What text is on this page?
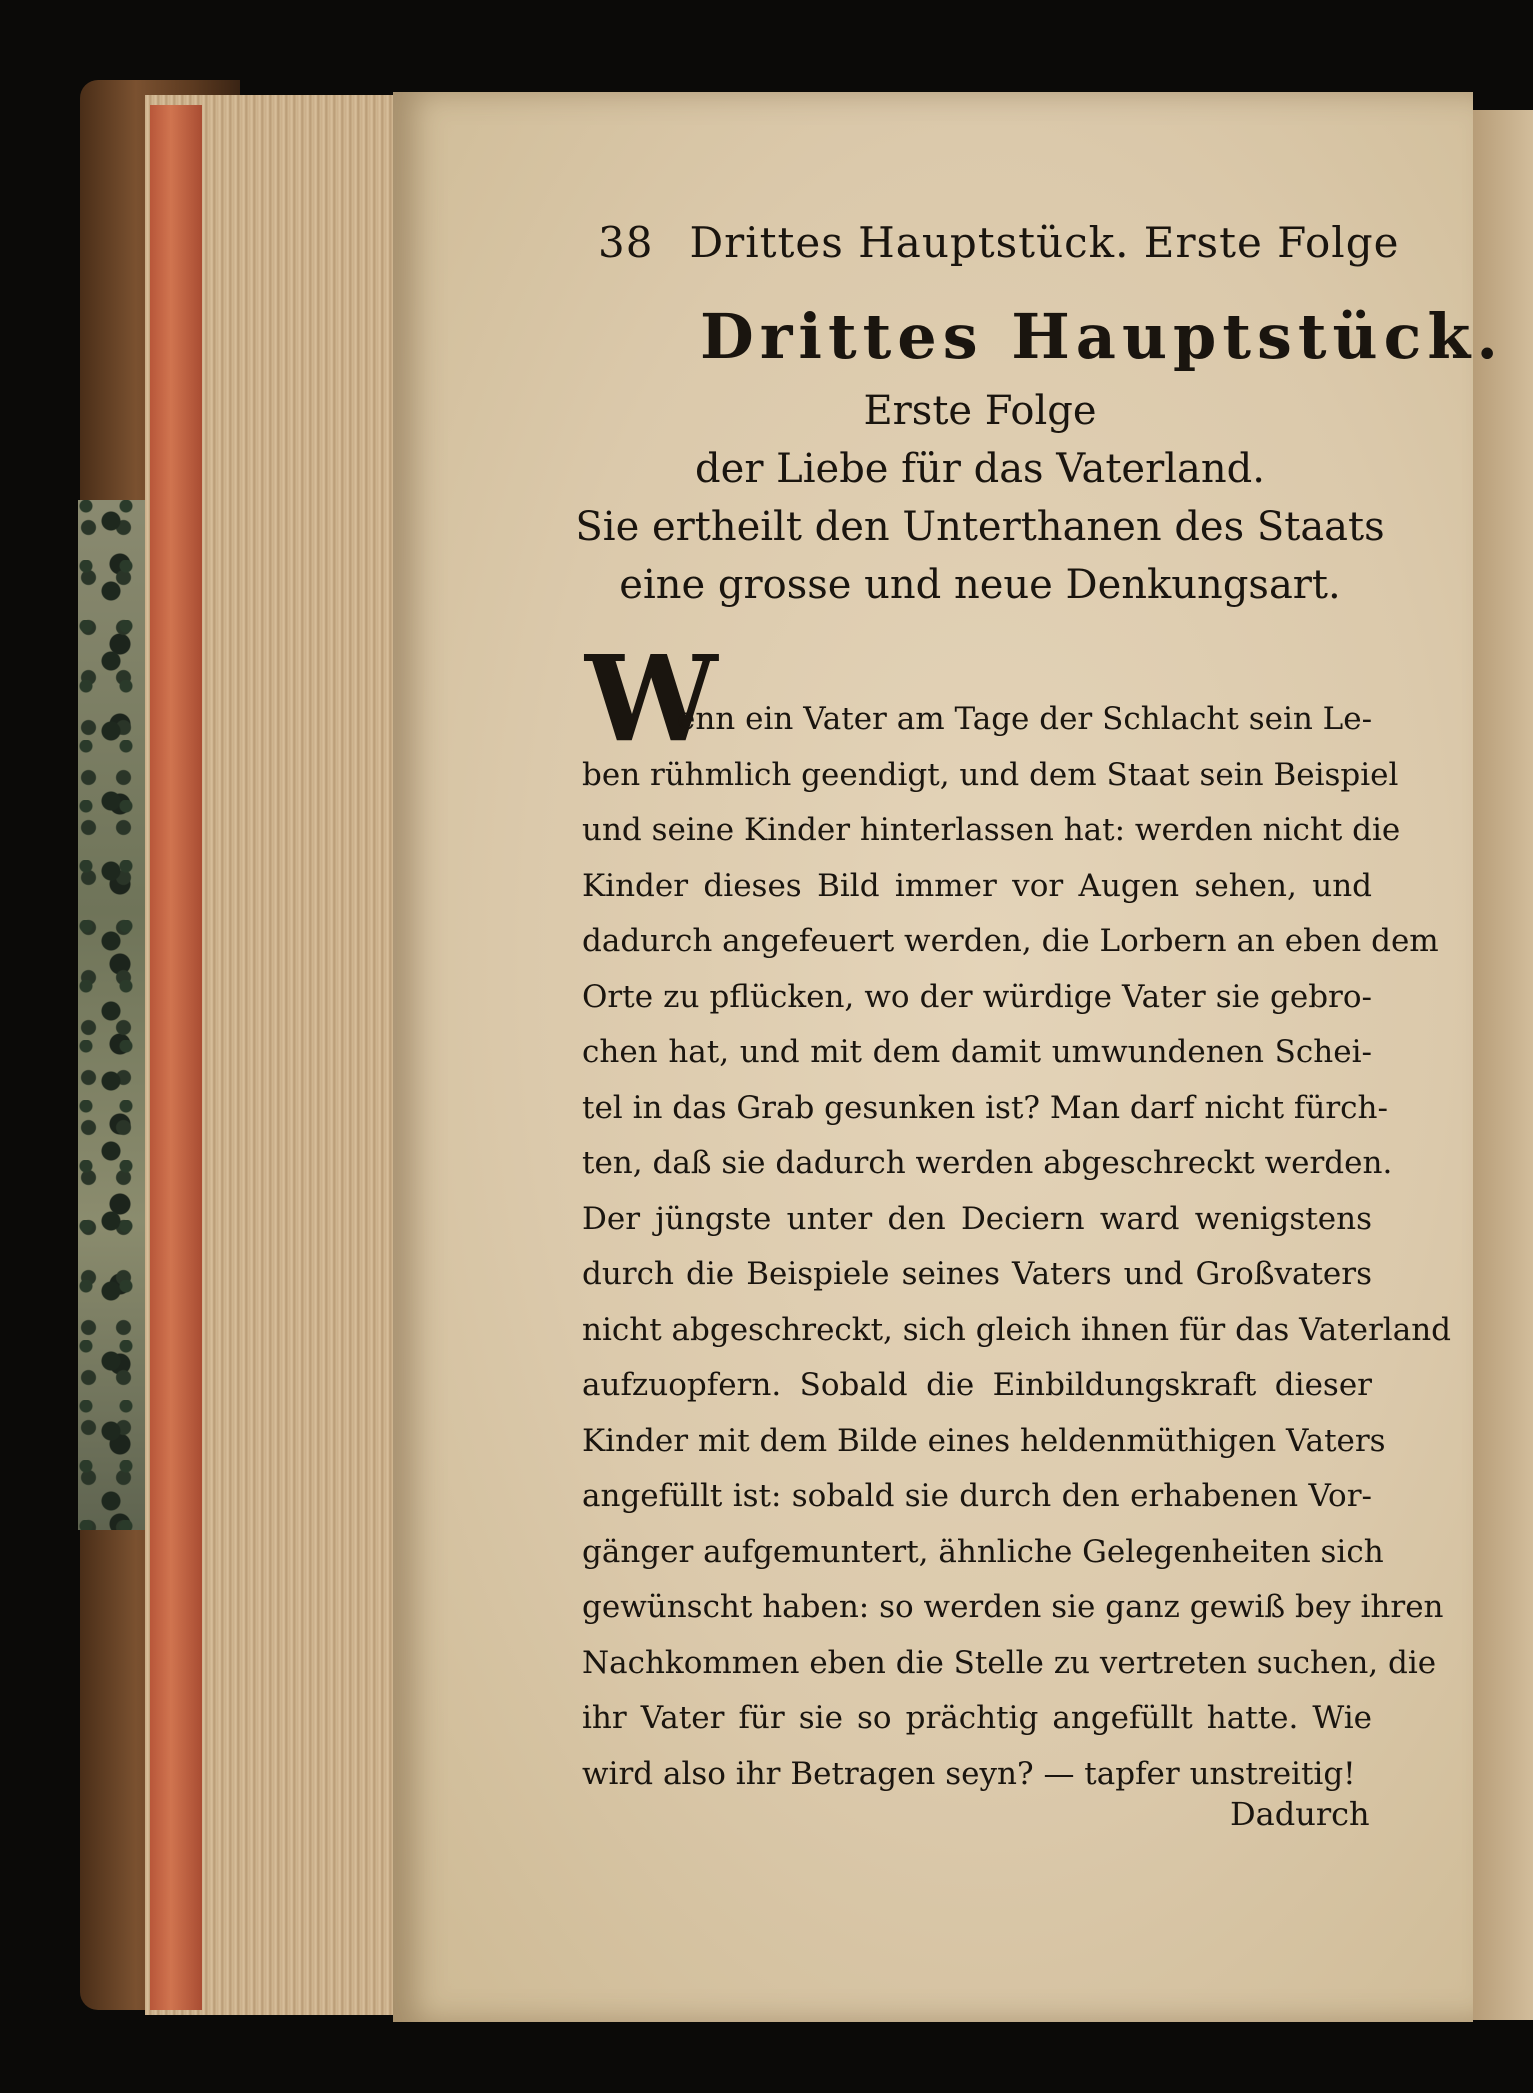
38 Drittes Hauptstück. Erste Folge
Drittes Hauptstück.
Erste Folge
der Liebe für das Vaterland.
Sie ertheilt den Unterthanen des Staats
eine grosse und neue Denkungsart.
W
enn ein Vater am Tage der Schlacht sein Le-
ben rühmlich geendigt, und dem Staat sein Beispiel
und seine Kinder hinterlassen hat: werden nicht die
Kinder dieses Bild immer vor Augen sehen, und
dadurch angefeuert werden, die Lorbern an eben dem
Orte zu pflücken, wo der würdige Vater sie gebro-
chen hat, und mit dem damit umwundenen Schei-
tel in das Grab gesunken ist? Man darf nicht fürch-
ten, daß sie dadurch werden abgeschreckt werden.
Der jüngste unter den Deciern ward wenigstens
durch die Beispiele seines Vaters und Großvaters
nicht abgeschreckt, sich gleich ihnen für das Vaterland
aufzuopfern. Sobald die Einbildungskraft dieser
Kinder mit dem Bilde eines heldenmüthigen Vaters
angefüllt ist: sobald sie durch den erhabenen Vor-
gänger aufgemuntert, ähnliche Gelegenheiten sich
gewünscht haben: so werden sie ganz gewiß bey ihren
Nachkommen eben die Stelle zu vertreten suchen, die
ihr Vater für sie so prächtig angefüllt hatte. Wie
wird also ihr Betragen seyn? — tapfer unstreitig!
Dadurch
